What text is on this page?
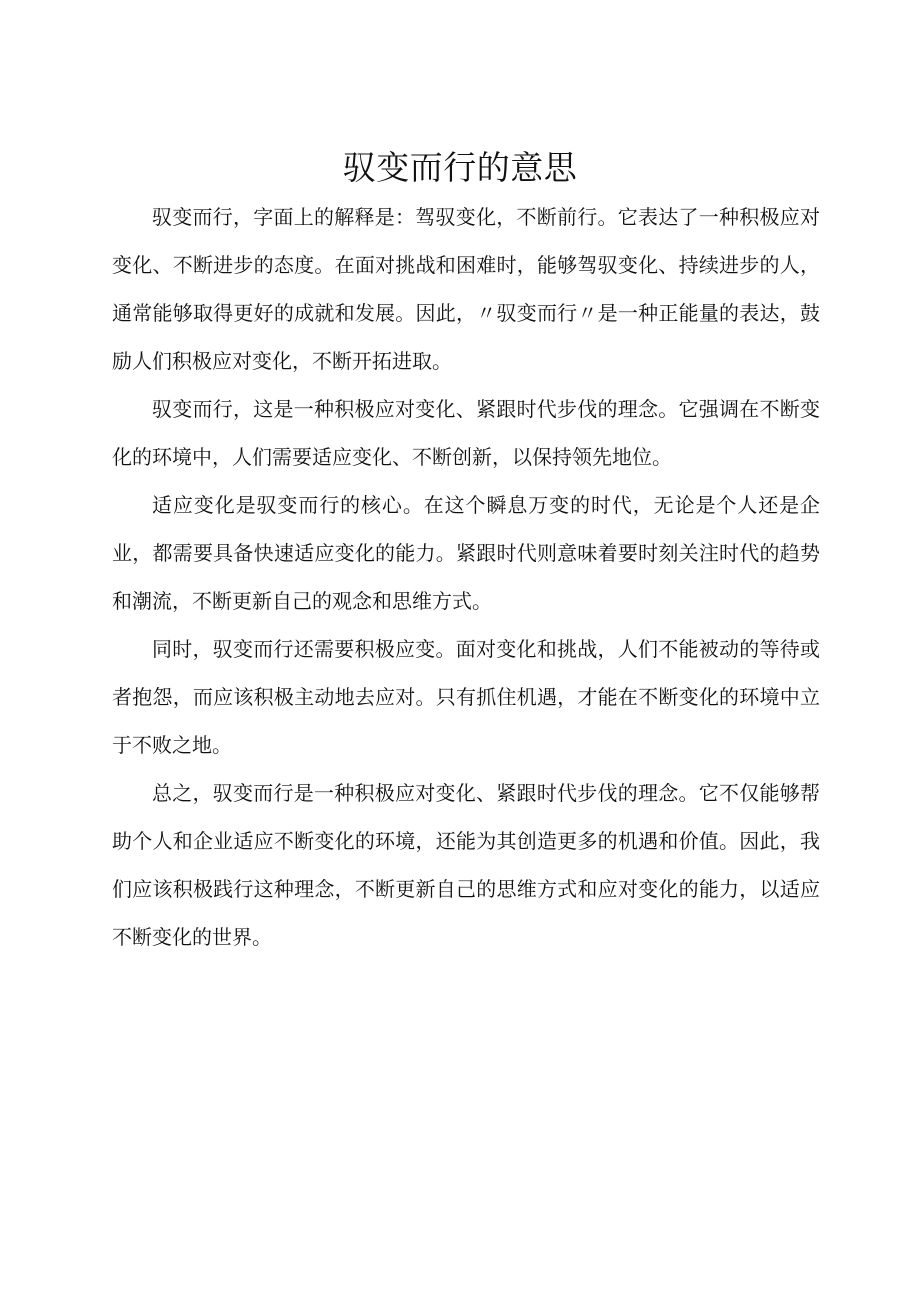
驭变而行的意思

驭变而行，字面上的解释是：驾驭变化，不断前行。它表达了一种积极应对变化、不断进步的态度。在面对挑战和困难时，能够驾驭变化、持续进步的人，通常能够取得更好的成就和发展。因此，〃驭变而行〃是一种正能量的表达，鼓励人们积极应对变化，不断开拓进取。

驭变而行，这是一种积极应对变化、紧跟时代步伐的理念。它强调在不断变化的环境中，人们需要适应变化、不断创新，以保持领先地位。

适应变化是驭变而行的核心。在这个瞬息万变的时代，无论是个人还是企业，都需要具备快速适应变化的能力。紧跟时代则意味着要时刻关注时代的趋势和潮流，不断更新自己的观念和思维方式。

同时，驭变而行还需要积极应变。面对变化和挑战，人们不能被动的等待或者抱怨，而应该积极主动地去应对。只有抓住机遇，才能在不断变化的环境中立于不败之地。

总之，驭变而行是一种积极应对变化、紧跟时代步伐的理念。它不仅能够帮助个人和企业适应不断变化的环境，还能为其创造更多的机遇和价值。因此，我们应该积极践行这种理念，不断更新自己的思维方式和应对变化的能力，以适应不断变化的世界。
